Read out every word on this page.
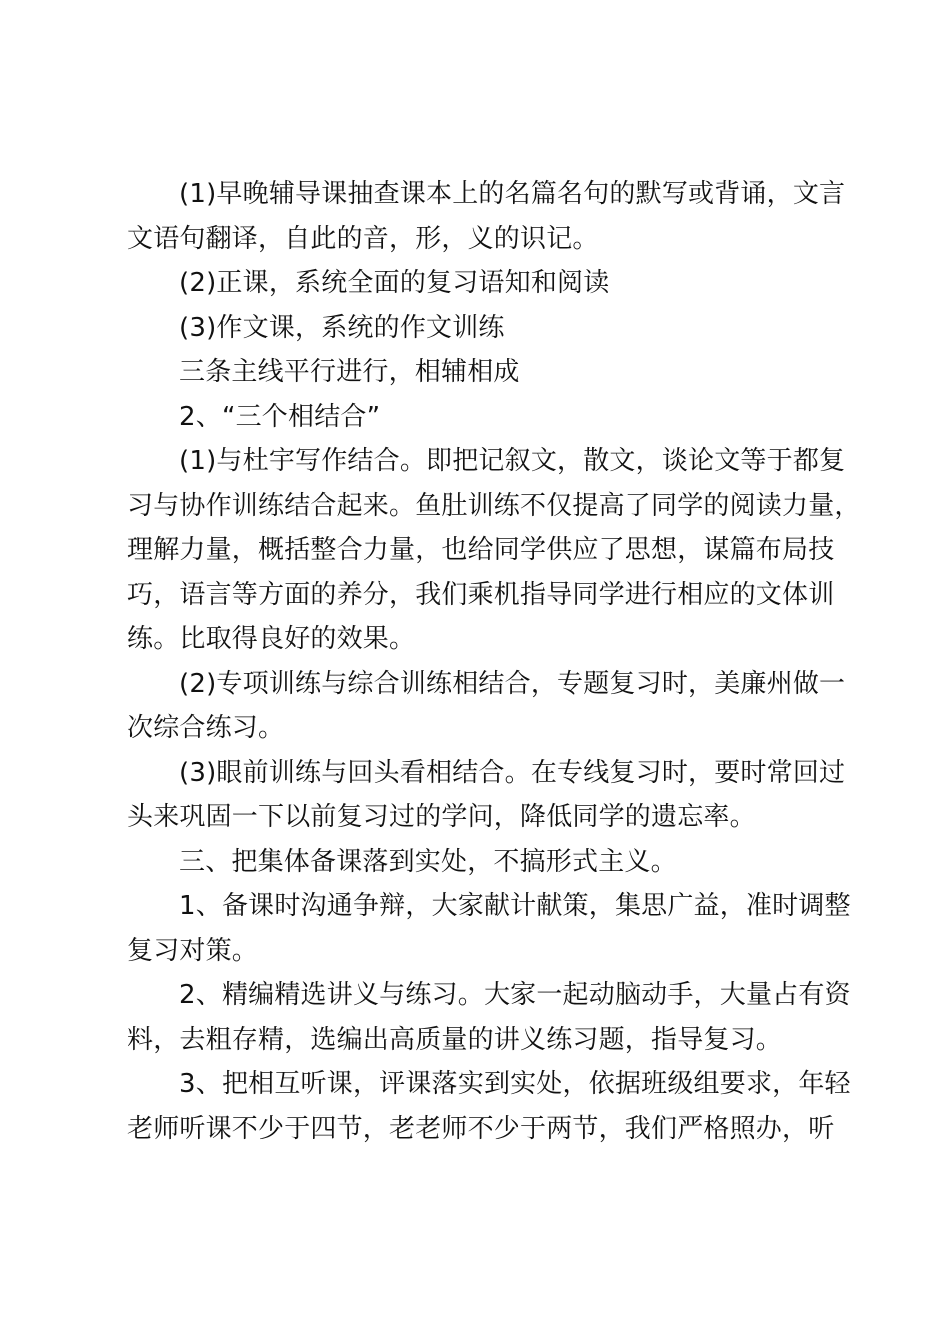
(1)早晚辅导课抽查课本上的名篇名句的默写或背诵，文言文语句翻译，自此的音，形，义的识记。

(2)正课，系统全面的复习语知和阅读

(3)作文课，系统的作文训练

三条主线平行进行，相辅相成

2、“三个相结合”

(1)与杜宇写作结合。即把记叙文，散文，谈论文等于都复习与协作训练结合起来。鱼肚训练不仅提高了同学的阅读力量，理解力量，概括整合力量，也给同学供应了思想，谋篇布局技巧，语言等方面的养分，我们乘机指导同学进行相应的文体训练。比取得良好的效果。

(2)专项训练与综合训练相结合，专题复习时，美廉州做一次综合练习。

(3)眼前训练与回头看相结合。在专线复习时，要时常回过头来巩固一下以前复习过的学问，降低同学的遗忘率。

三、把集体备课落到实处，不搞形式主义。

1、备课时沟通争辩，大家献计献策，集思广益，准时调整复习对策。

2、精编精选讲义与练习。大家一起动脑动手，大量占有资料，去粗存精，选编出高质量的讲义练习题，指导复习。

3、把相互听课，评课落实到实处，依据班级组要求，年轻老师听课不少于四节，老老师不少于两节，我们严格照办，听
